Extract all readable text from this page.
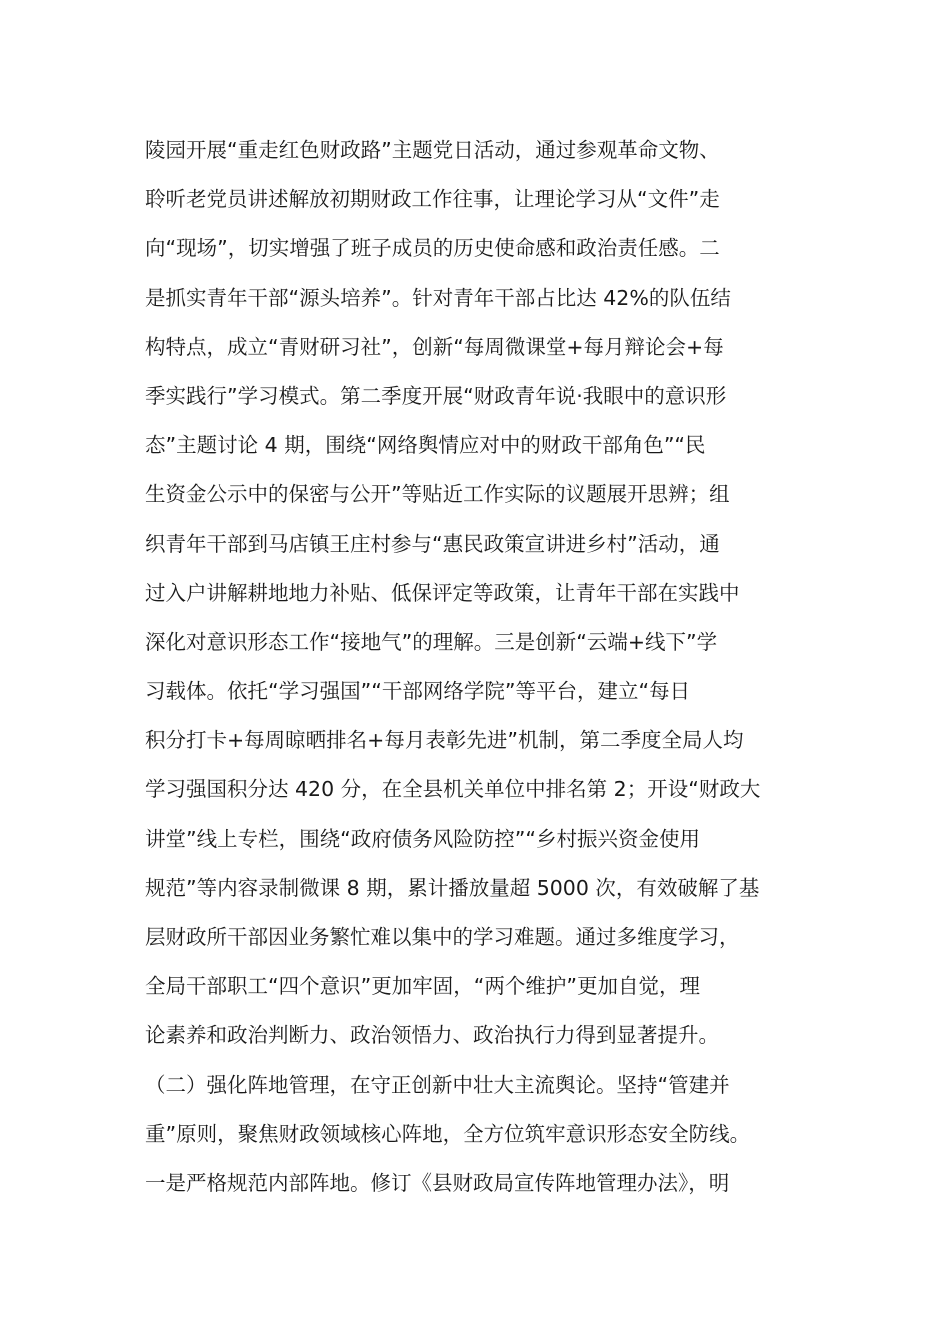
陵园开展“重走红色财政路”主题党日活动，通过参观革命文物、
聆听老党员讲述解放初期财政工作往事，让理论学习从“文件”走
向“现场”，切实增强了班子成员的历史使命感和政治责任感。二
是抓实青年干部“源头培养”。针对青年干部占比达 42%的队伍结
构特点，成立“青财研习社”，创新“每周微课堂+每月辩论会+每
季实践行”学习模式。第二季度开展“财政青年说·我眼中的意识形
态”主题讨论 4 期，围绕“网络舆情应对中的财政干部角色”“民
生资金公示中的保密与公开”等贴近工作实际的议题展开思辨；组
织青年干部到马店镇王庄村参与“惠民政策宣讲进乡村”活动，通
过入户讲解耕地地力补贴、低保评定等政策，让青年干部在实践中
深化对意识形态工作“接地气”的理解。三是创新“云端+线下”学
习载体。依托“学习强国”“干部网络学院”等平台，建立“每日
积分打卡+每周晾晒排名+每月表彰先进”机制，第二季度全局人均
学习强国积分达 420 分，在全县机关单位中排名第 2；开设“财政大
讲堂”线上专栏，围绕“政府债务风险防控”“乡村振兴资金使用
规范”等内容录制微课 8 期，累计播放量超 5000 次，有效破解了基
层财政所干部因业务繁忙难以集中的学习难题。通过多维度学习，
全局干部职工“四个意识”更加牢固，“两个维护”更加自觉，理
论素养和政治判断力、政治领悟力、政治执行力得到显著提升。
（二）强化阵地管理，在守正创新中壮大主流舆论。坚持“管建并
重”原则，聚焦财政领域核心阵地，全方位筑牢意识形态安全防线。
一是严格规范内部阵地。修订《县财政局宣传阵地管理办法》，明
